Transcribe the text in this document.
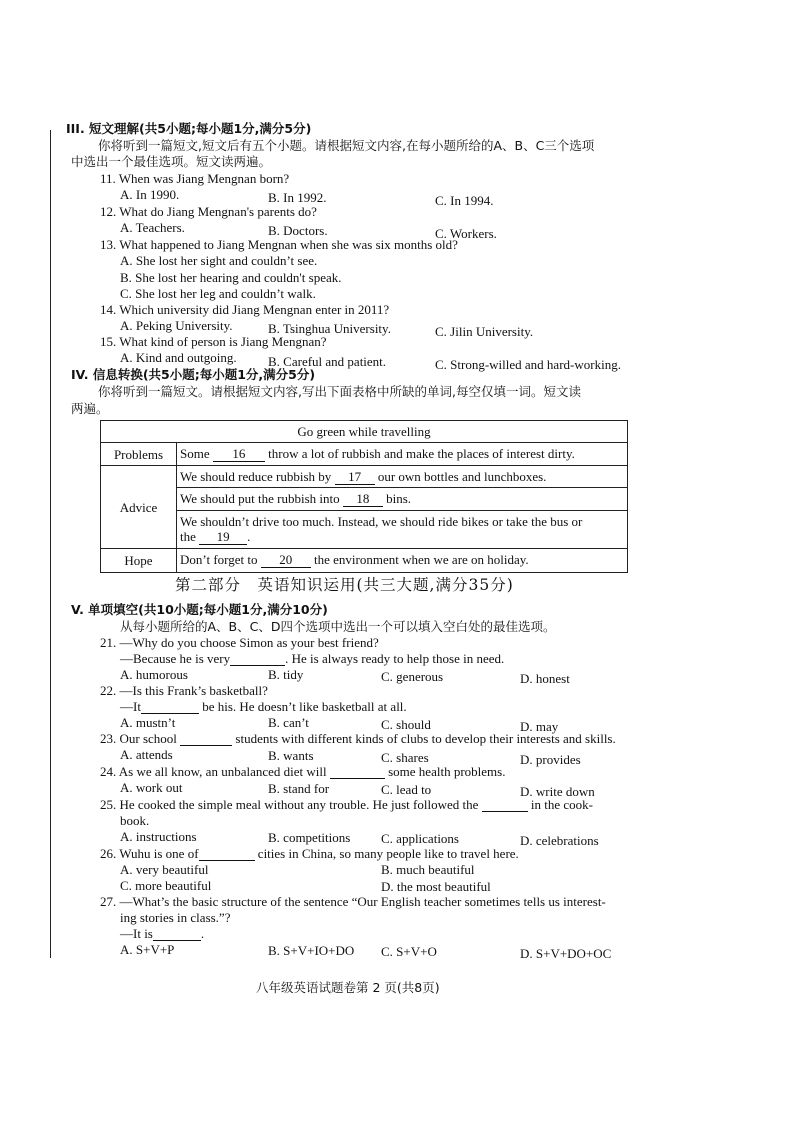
III. 短文理解(共5小题;每小题1分,满分5分)
你将听到一篇短文,短文后有五个小题。请根据短文内容,在每小题所给的A、B、C三个选项
中选出一个最佳选项。短文读两遍。
11. When was Jiang Mengnan born?
A. In 1990.	B. In 1992.	C. In 1994.
12. What do Jiang Mengnan's parents do?
A. Teachers.	B. Doctors.	C. Workers.
13. What happened to Jiang Mengnan when she was six months old?
A. She lost her sight and couldn’t see.
B. She lost her hearing and couldn't speak.
C. She lost her leg and couldn’t walk.
14. Which university did Jiang Mengnan enter in 2011?
A. Peking University.	B. Tsinghua University.	C. Jilin University.
15. What kind of person is Jiang Mengnan?
A. Kind and outgoing. B. Careful and patient.	C. Strong-willed and hard-working.
IV. 信息转换(共5小题;每小题1分,满分5分)
你将听到一篇短文。请根据短文内容,写出下面表格中所缺的单词,每空仅填一词。短文读
两遍。
Go green while travelling	
Problems	Some 16 throw a lot of rubbish and make the places of interest dirty.
Advice	We should reduce rubbish by 17 our own bottles and lunchboxes.
	We should put the rubbish into 18 bins.

	We shouldn’t drive too much. Instead, we should ride bikes or take the bus or
the 19 .

Hope	Don’t forget to 20 the environment when we are on holiday.
第二部分　英语知识运用(共三大题,满分35分)
V. 单项填空(共10小题;每小题1分,满分10分)
从每小题所给的A、B、C、D四个选项中选出一个可以填入空白处的最佳选项。
21. —Why do you choose Simon as your best friend?
—Because he is very	. He is always ready to help those in need.
A. humorous	B. tidy	C. generous	D. honest
22. —Is this Frank’s basketball?
—It	be his. He doesn’t like basketball at all.
A. mustn’t	B. can’t	C. should	D. may
23. Our school	students with different kinds of clubs to develop their interests and skills.
A. attends	B. wants	C. shares	D. provides
24. As we all know, an unbalanced diet will	some health problems.
A. work out	B. stand for	C. lead to	D. write down
25. He cooked the simple meal without any trouble. He just followed the	in the cook-
book.
A. instructions	B. competitions C. applications	D. celebrations
26. Wuhu is one of	cities in China, so many people like to travel here.
A. very beautiful	B. much beautiful
C. more beautiful	D. the most beautiful
27. —What’s the basic structure of the sentence “Our English teacher sometimes tells us interest-
ing stories in class.”?
—It is	.
A. S+V+P	B. S+V+IO+DO C. S+V+O	D. S+V+DO+OC
八年级英语试题卷第 2 页(共8页)
